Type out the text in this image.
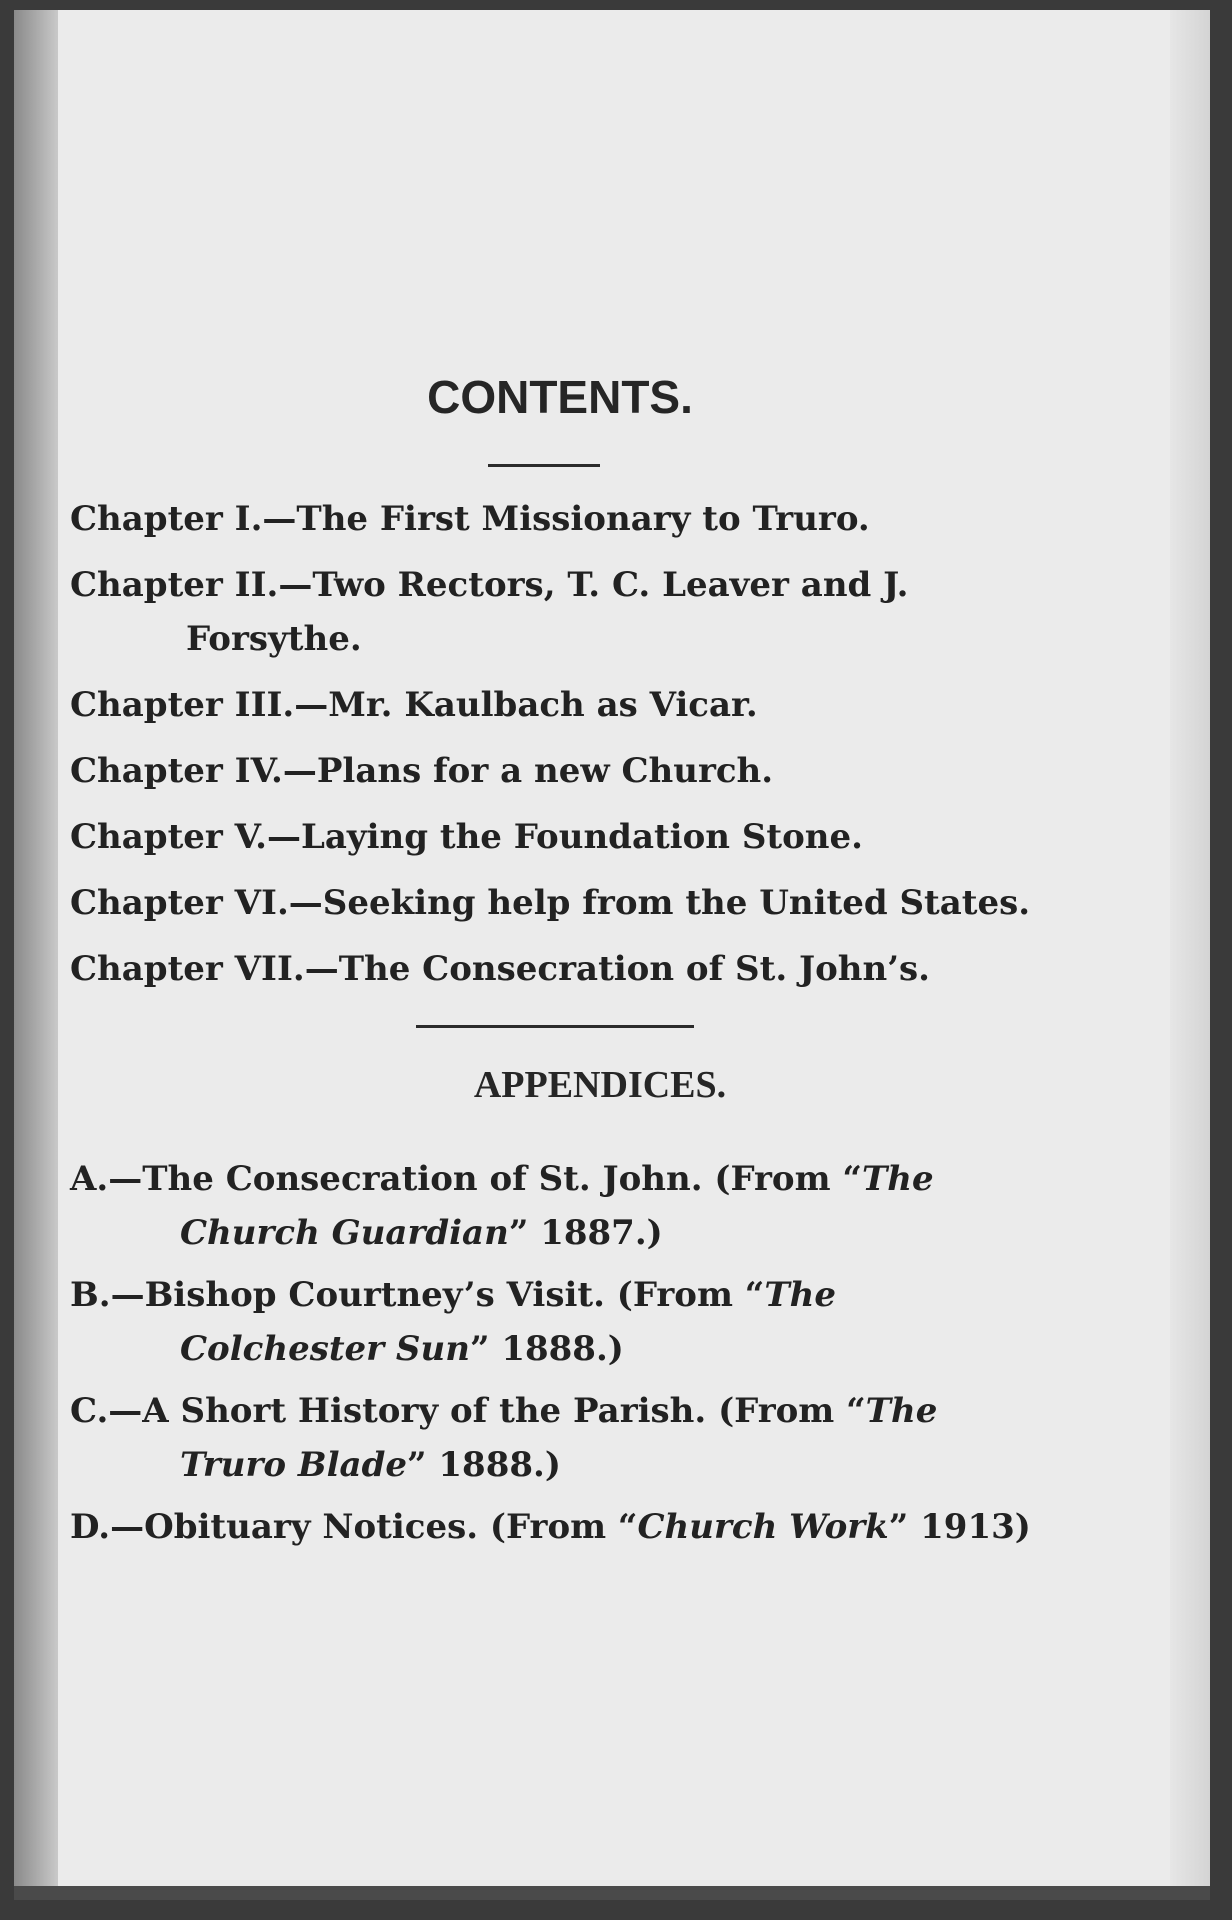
CONTENTS.
Chapter I.—The First Missionary to Truro.
Chapter II.—Two Rectors, T. C. Leaver and J. Forsythe.
Chapter III.—Mr. Kaulbach as Vicar.
Chapter IV.—Plans for a new Church.
Chapter V.—Laying the Foundation Stone.
Chapter VI.—Seeking help from the United States.
Chapter VII.—The Consecration of St. John’s.
APPENDICES.
A.—The Consecration of St. John. (From “The Church Guardian” 1887.)
B.—Bishop Courtney’s Visit. (From “The Colchester Sun” 1888.)
C.—A Short History of the Parish. (From “The Truro Blade” 1888.)
D.—Obituary Notices. (From “Church Work” 1913)
